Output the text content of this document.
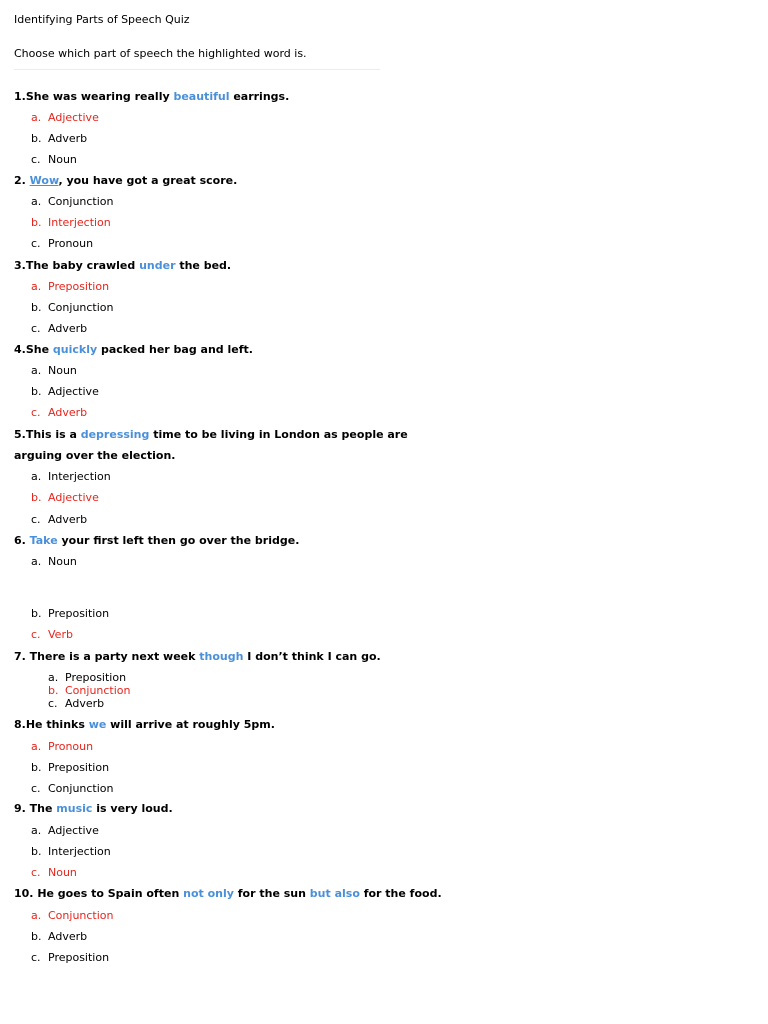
Identifying Parts of Speech Quiz
Choose which part of speech the highlighted word is.
1.She was wearing really beautiful earrings.
a. Adjective
b. Adverb
c. Noun
2. Wow, you have got a great score.
a. Conjunction
b. Interjection
c. Pronoun
3.The baby crawled under the bed.
a. Preposition
b. Conjunction
c. Adverb
4.She quickly packed her bag and left.
a. Noun
b. Adjective
c. Adverb
5.This is a depressing time to be living in London as people are
arguing over the election.
a. Interjection
b. Adjective
c. Adverb
6. Take your first left then go over the bridge.
a. Noun
b. Preposition
c. Verb
7. There is a party next week though I don’t think I can go.
a. Preposition
b. Conjunction
c. Adverb
8.He thinks we will arrive at roughly 5pm.
a. Pronoun
b. Preposition
c. Conjunction
9. The music is very loud.
a. Adjective
b. Interjection
c. Noun
10. He goes to Spain often not only for the sun but also for the food.
a. Conjunction
b. Adverb
c. Preposition
